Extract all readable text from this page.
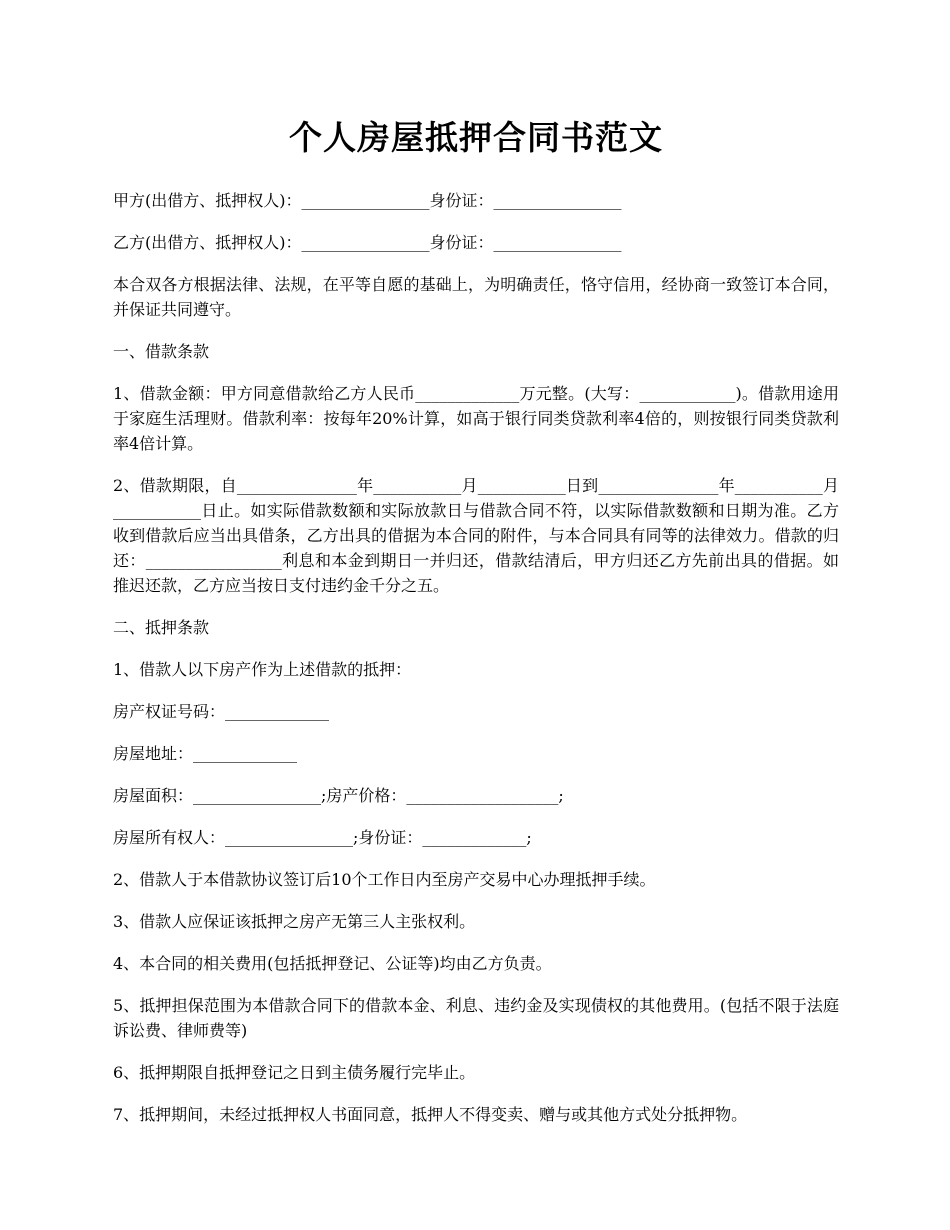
个人房屋抵押合同书范文

甲方(出借方、抵押权人)：________________身份证：________________

乙方(出借方、抵押权人)：________________身份证：________________

本合双各方根据法律、法规，在平等自愿的基础上，为明确责任，恪守信用，经协商一致签订本合同，并保证共同遵守。

一、借款条款

1、借款金额：甲方同意借款给乙方人民币_____________万元整。(大写：____________)。借款用途用于家庭生活理财。借款利率：按每年20%计算，如高于银行同类贷款利率4倍的，则按银行同类贷款利率4倍计算。

2、借款期限，自_______________年___________月___________日到_______________年___________月___________日止。如实际借款数额和实际放款日与借款合同不符，以实际借款数额和日期为准。乙方收到借款后应当出具借条，乙方出具的借据为本合同的附件，与本合同具有同等的法律效力。借款的归还：_________________利息和本金到期日一并归还，借款结清后，甲方归还乙方先前出具的借据。如推迟还款，乙方应当按日支付违约金千分之五。

二、抵押条款

1、借款人以下房产作为上述借款的抵押：

房产权证号码：_____________

房屋地址：_____________

房屋面积：________________;房产价格：___________________;

房屋所有权人：________________;身份证：_____________;

2、借款人于本借款协议签订后10个工作日内至房产交易中心办理抵押手续。

3、借款人应保证该抵押之房产无第三人主张权利。

4、本合同的相关费用(包括抵押登记、公证等)均由乙方负责。

5、抵押担保范围为本借款合同下的借款本金、利息、违约金及实现债权的其他费用。(包括不限于法庭诉讼费、律师费等)

6、抵押期限自抵押登记之日到主债务履行完毕止。

7、抵押期间，未经过抵押权人书面同意，抵押人不得变卖、赠与或其他方式处分抵押物。
